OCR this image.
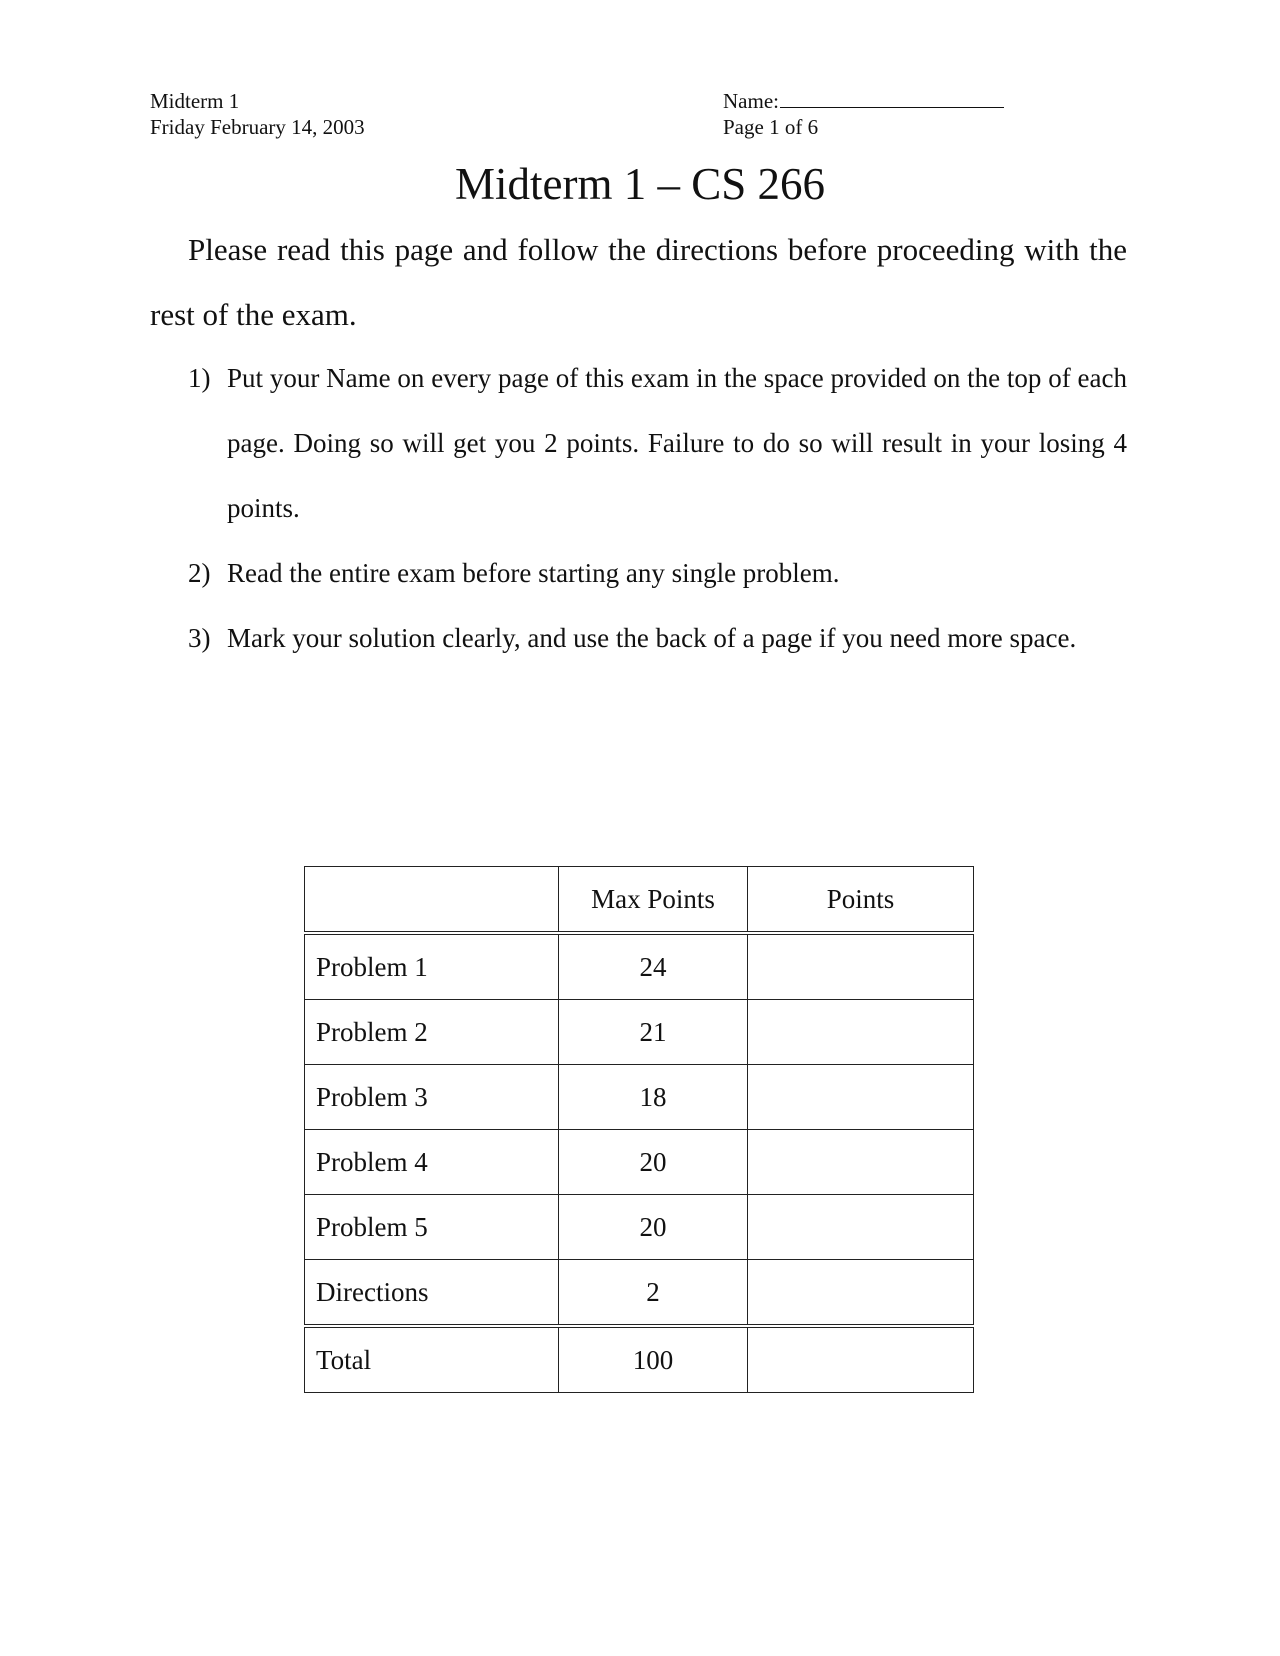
Midterm 1
Friday February 14, 2003
Name:
Page 1 of 6
Midterm 1 – CS 266

Please read this page and follow the directions before proceeding with the rest of the exam.

1) Put your Name on every page of this exam in the space provided on the top of each page. Doing so will get you 2 points. Failure to do so will result in your losing 4 points.
2) Read the entire exam before starting any single problem.
3) Mark your solution clearly, and use the back of a page if you need more space.
	Max Points	Points
Problem 1	24	
Problem 2	21	
Problem 3	18	
Problem 4	20	
Problem 5	20	
Directions	2	
Total	100	
